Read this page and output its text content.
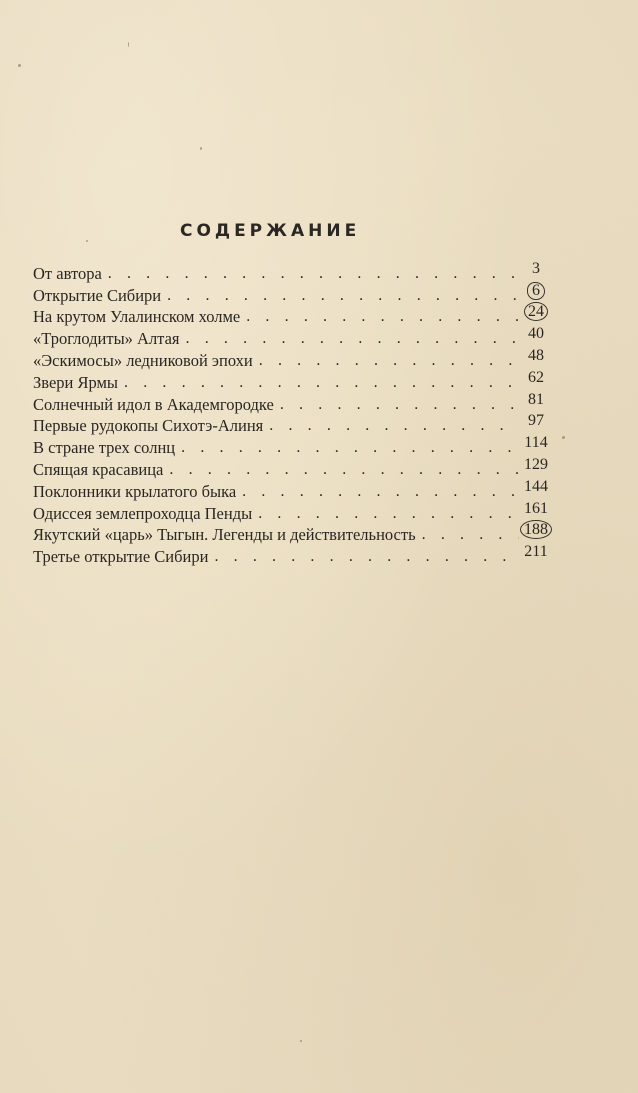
СОДЕРЖАНИЕ
От автора . . .	3
Открытие Сибири . . .	6
На крутом Улалинском холме . . .	24
«Троглодиты» Алтая . . .	40
«Эскимосы» ледниковой эпохи . . .	48
Звери Ярмы . . .	62
Солнечный идол в Академгородке . . .	81
Первые рудокопы Сихотэ-Алиня . . .	97
В стране трех солнц . . .	114
Спящая красавица . . .	129
Поклонники крылатого быка . . .	144
Одиссея землепроходца Пенды . . .	161
Якутский «царь» Тыгын. Легенды и действительность . . .	188
Третье открытие Сибири . . .	211
